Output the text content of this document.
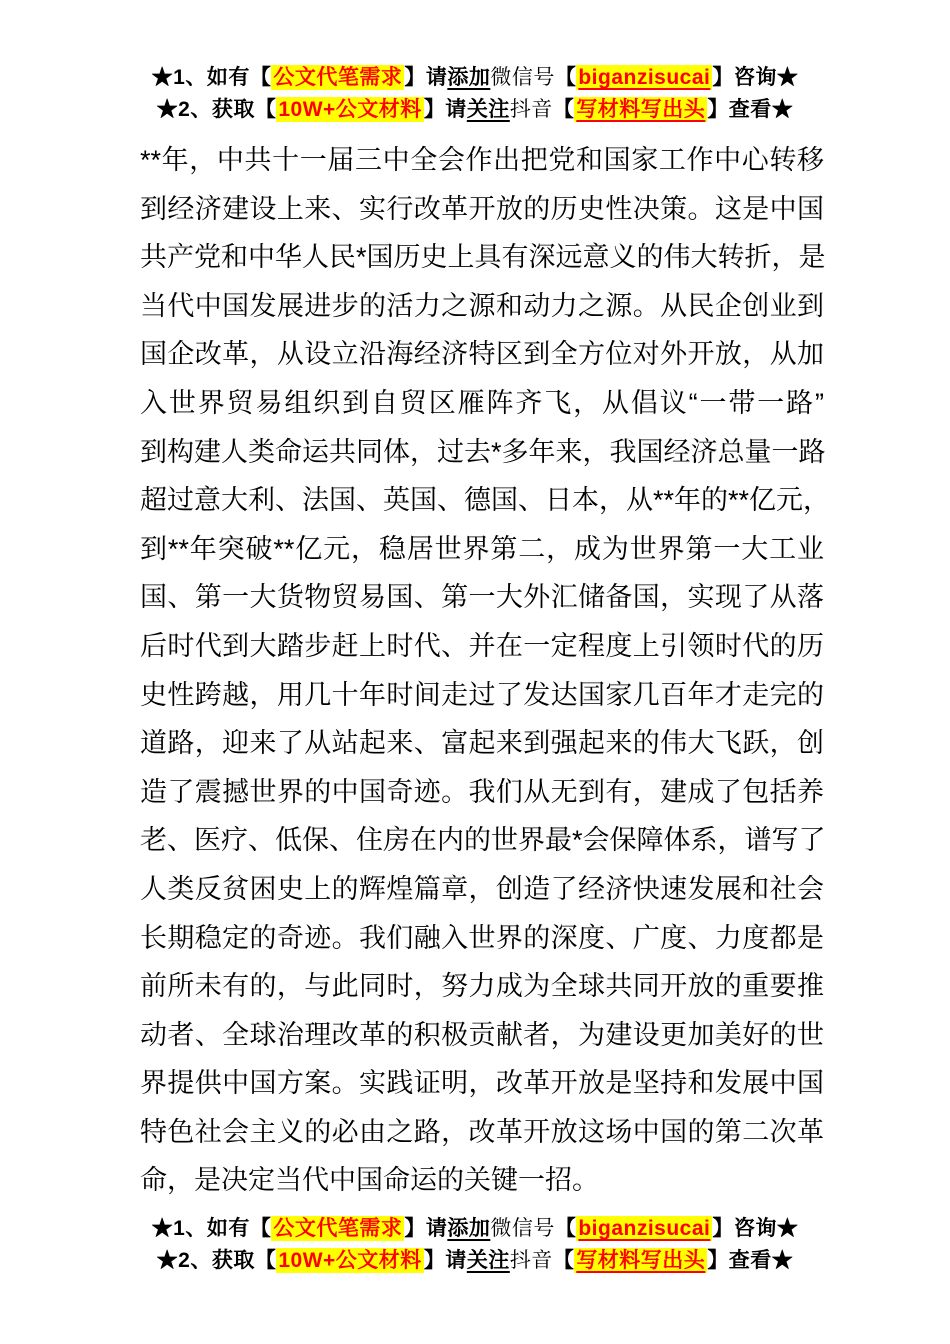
★1、如有【公文代笔需求】请添加微信号【biganzisucai】咨询★
★2、获取【10W+公文材料】请关注抖音【写材料写出头】查看★
**年，中共十一届三中全会作出把党和国家工作中心转移
到经济建设上来、实行改革开放的历史性决策。这是中国
共产党和中华人民*国历史上具有深远意义的伟大转折，是
当代中国发展进步的活力之源和动力之源。从民企创业到
国企改革，从设立沿海经济特区到全方位对外开放，从加
入世界贸易组织到自贸区雁阵齐飞，从倡议“一带一路”
到构建人类命运共同体，过去*多年来，我国经济总量一路
超过意大利、法国、英国、德国、日本，从**年的**亿元，
到**年突破**亿元，稳居世界第二，成为世界第一大工业
国、第一大货物贸易国、第一大外汇储备国，实现了从落
后时代到大踏步赶上时代、并在一定程度上引领时代的历
史性跨越，用几十年时间走过了发达国家几百年才走完的
道路，迎来了从站起来、富起来到强起来的伟大飞跃，创
造了震撼世界的中国奇迹。我们从无到有，建成了包括养
老、医疗、低保、住房在内的世界最*会保障体系，谱写了
人类反贫困史上的辉煌篇章，创造了经济快速发展和社会
长期稳定的奇迹。我们融入世界的深度、广度、力度都是
前所未有的，与此同时，努力成为全球共同开放的重要推
动者、全球治理改革的积极贡献者，为建设更加美好的世
界提供中国方案。实践证明，改革开放是坚持和发展中国
特色社会主义的必由之路，改革开放这场中国的第二次革
命，是决定当代中国命运的关键一招。
★1、如有【公文代笔需求】请添加微信号【biganzisucai】咨询★
★2、获取【10W+公文材料】请关注抖音【写材料写出头】查看★
